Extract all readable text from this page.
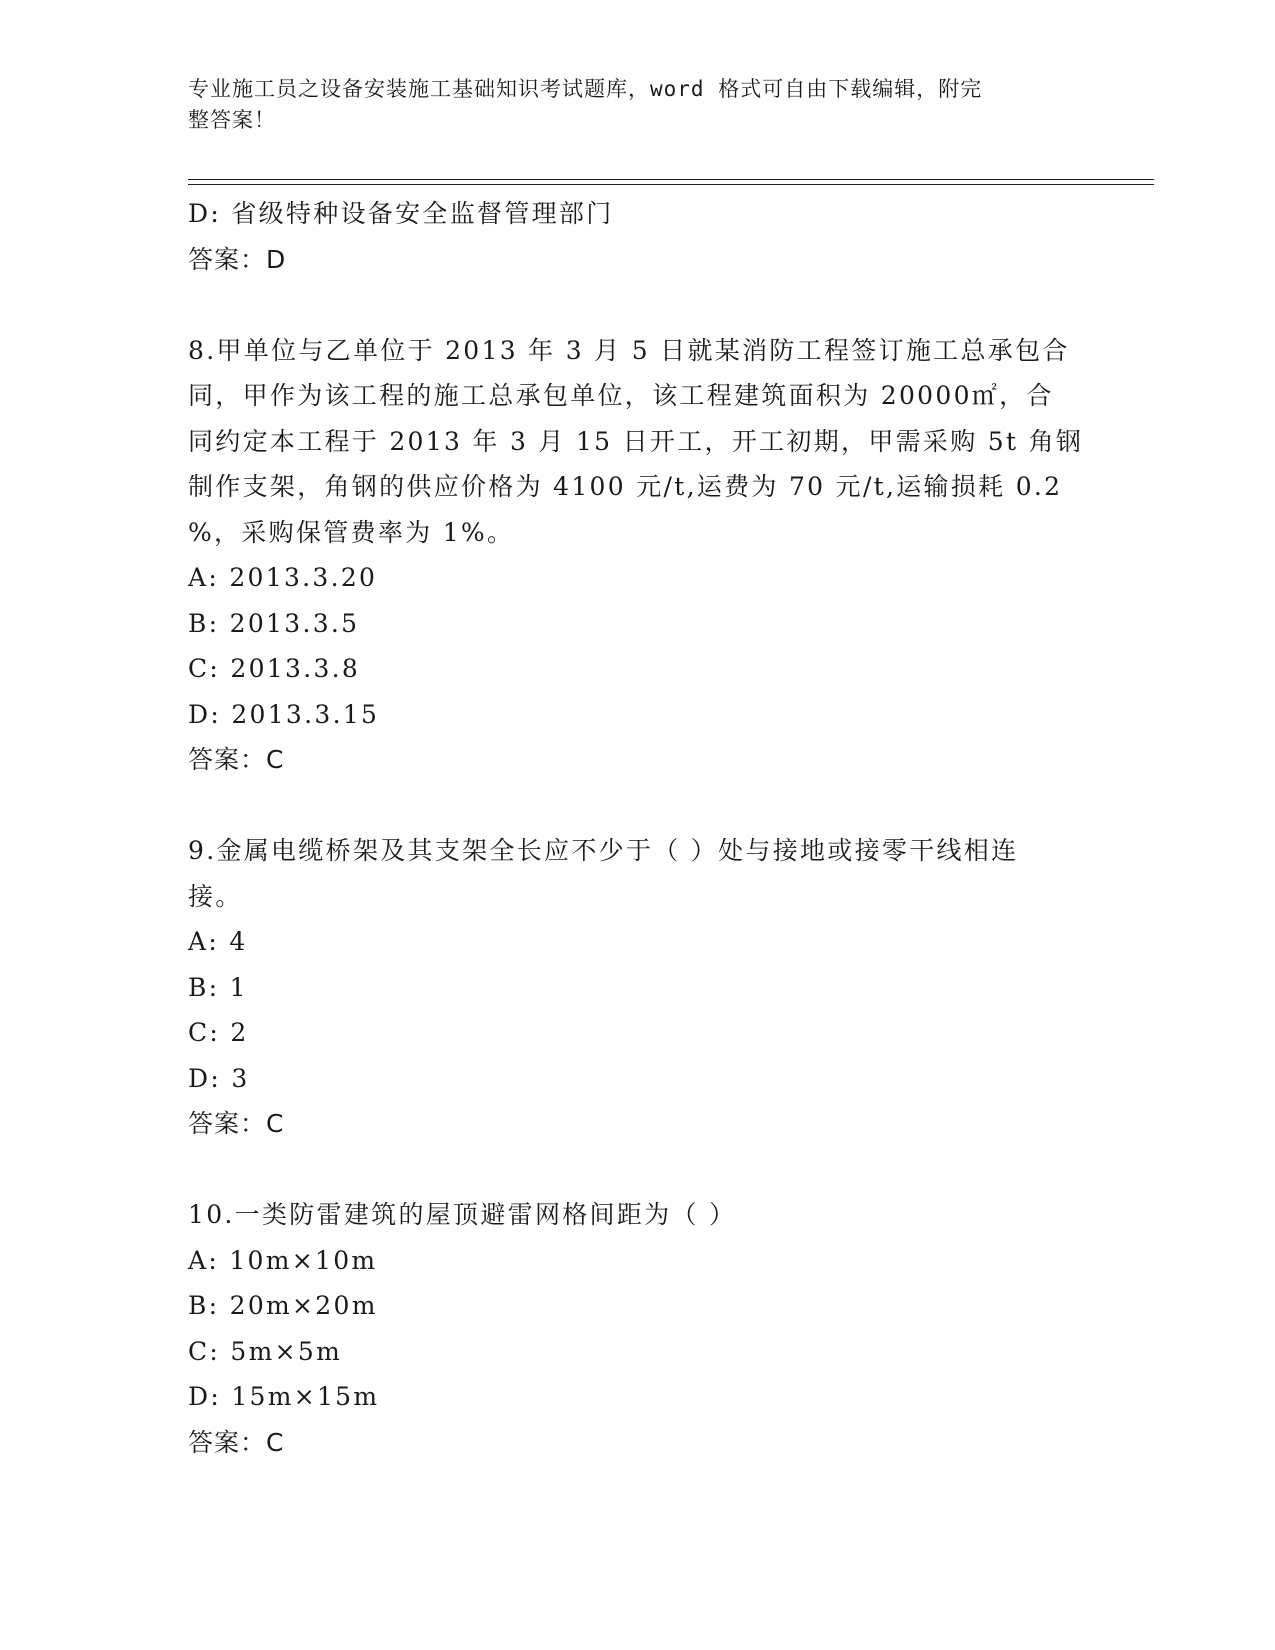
专业施工员之设备安装施工基础知识考试题库，word 格式可自由下载编辑，附完
整答案！
D: 省级特种设备安全监督管理部门
答案：D
8.甲单位与乙单位于 2013 年 3 月 5 日就某消防工程签订施工总承包合
同，甲作为该工程的施工总承包单位，该工程建筑面积为 20000㎡，合
同约定本工程于 2013 年 3 月 15 日开工，开工初期，甲需采购 5t 角钢
制作支架，角钢的供应价格为 4100 元/t,运费为 70 元/t,运输损耗 0.2
%，采购保管费率为 1%。
A: 2013.3.20
B: 2013.3.5
C: 2013.3.8
D: 2013.3.15
答案：C
9.金属电缆桥架及其支架全长应不少于（ ）处与接地或接零干线相连
接。
A: 4
B: 1
C: 2
D: 3
答案：C
10.一类防雷建筑的屋顶避雷网格间距为（ ）
A: 10m×10m
B: 20m×20m
C: 5m×5m
D: 15m×15m
答案：C
